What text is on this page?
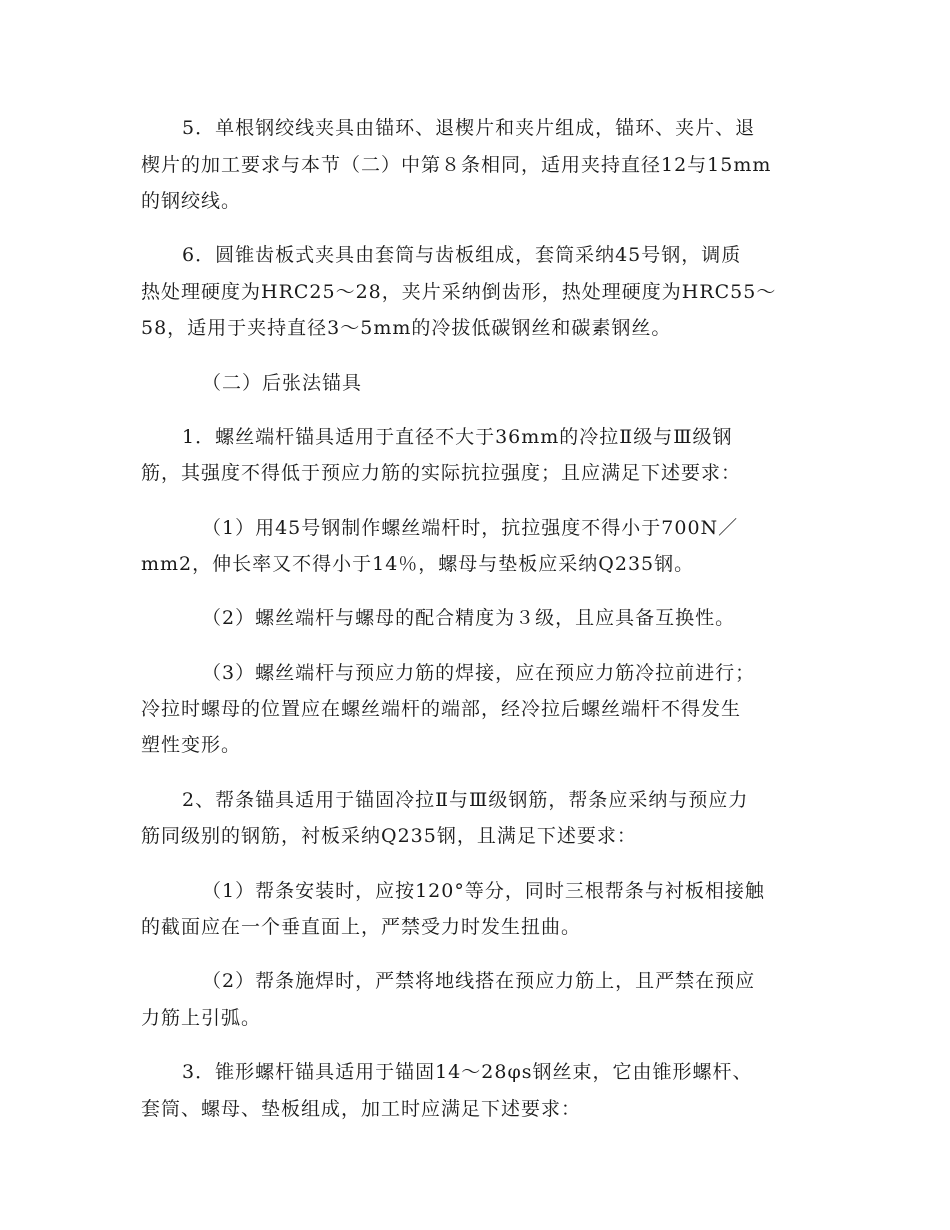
5．单根钢绞线夹具由锚环、退楔片和夹片组成，锚环、夹片、退
楔片的加工要求与本节（二）中第８条相同，适用夹持直径12与15mm
的钢绞线。
6．圆锥齿板式夹具由套筒与齿板组成，套筒采纳45号钢，调质
热处理硬度为HRC25～28，夹片采纳倒齿形，热处理硬度为HRC55～
58，适用于夹持直径3～5mm的冷拔低碳钢丝和碳素钢丝。
（二）后张法锚具
1．螺丝端杆锚具适用于直径不大于36mm的冷拉Ⅱ级与Ⅲ级钢
筋，其强度不得低于预应力筋的实际抗拉强度；且应满足下述要求：
（1）用45号钢制作螺丝端杆时，抗拉强度不得小于700N／
mm2，伸长率又不得小于14％，螺母与垫板应采纳Q235钢。
（2）螺丝端杆与螺母的配合精度为３级，且应具备互换性。
（3）螺丝端杆与预应力筋的焊接，应在预应力筋冷拉前进行；
冷拉时螺母的位置应在螺丝端杆的端部，经冷拉后螺丝端杆不得发生
塑性变形。
2、帮条锚具适用于锚固冷拉Ⅱ与Ⅲ级钢筋，帮条应采纳与预应力
筋同级别的钢筋，衬板采纳Q235钢，且满足下述要求：
（1）帮条安装时，应按120°等分，同时三根帮条与衬板相接触
的截面应在一个垂直面上，严禁受力时发生扭曲。
（2）帮条施焊时，严禁将地线搭在预应力筋上，且严禁在预应
力筋上引弧。
3．锥形螺杆锚具适用于锚固14～28φs钢丝束，它由锥形螺杆、
套筒、螺母、垫板组成，加工时应满足下述要求：
